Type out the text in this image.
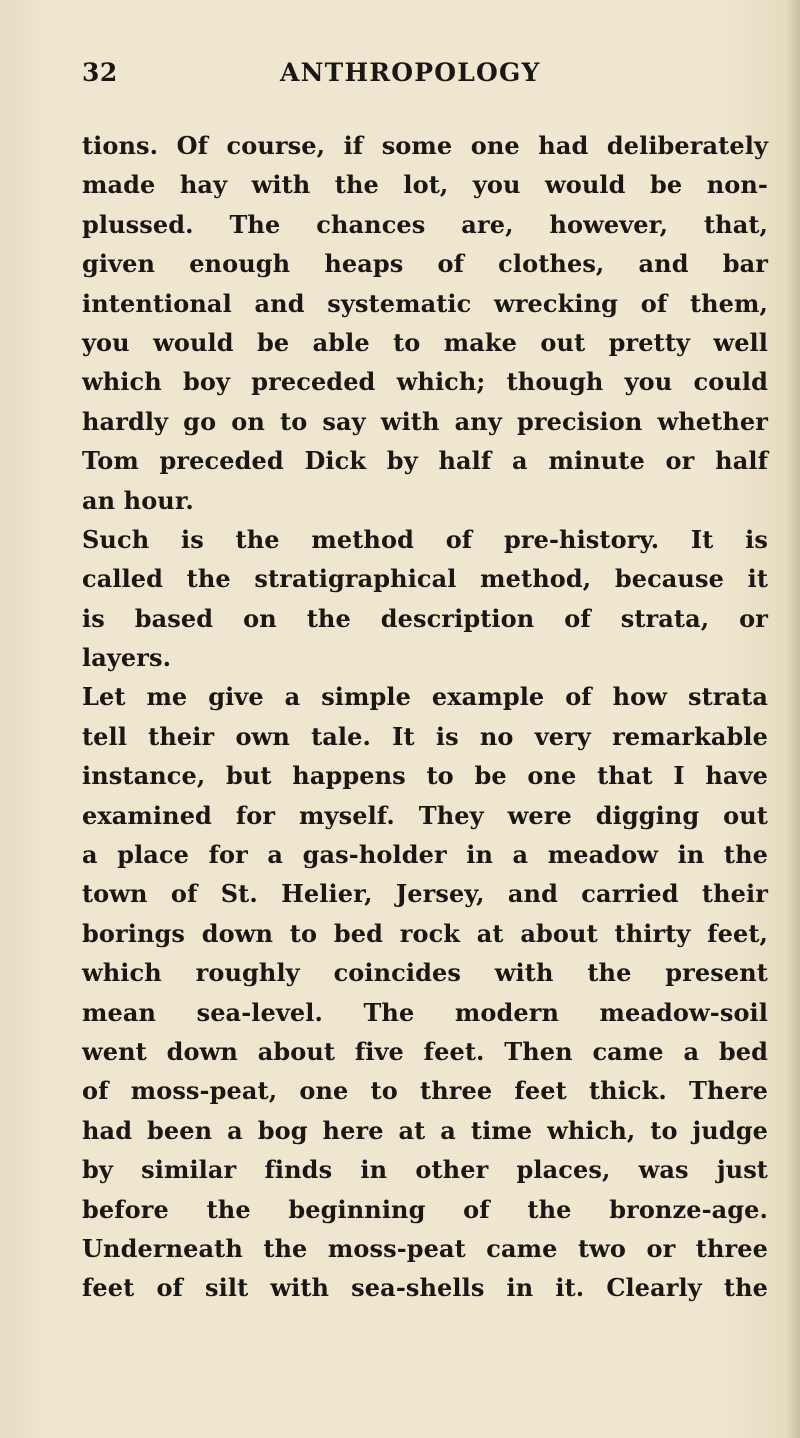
32	ANTHROPOLOGY
tions. Of course, if some one had deliberately
made hay with the lot, you would be non-
plussed. The chances are, however, that,
given enough heaps of clothes, and bar
intentional and systematic wrecking of them,
you would be able to make out pretty well
which boy preceded which; though you could
hardly go on to say with any precision whether
Tom preceded Dick by half a minute or half
an hour.
Such is the method of pre-history. It is
called the stratigraphical method, because it
is based on the description of strata, or
layers.
Let me give a simple example of how strata
tell their own tale. It is no very remarkable
instance, but happens to be one that I have
examined for myself. They were digging out
a place for a gas-holder in a meadow in the
town of St. Helier, Jersey, and carried their
borings down to bed rock at about thirty feet,
which roughly coincides with the present
mean sea-level. The modern meadow-soil
went down about five feet. Then came a bed
of moss-peat, one to three feet thick. There
had been a bog here at a time which, to judge
by similar finds in other places, was just
before the beginning of the bronze-age.
Underneath the moss-peat came two or three
feet of silt with sea-shells in it. Clearly the
